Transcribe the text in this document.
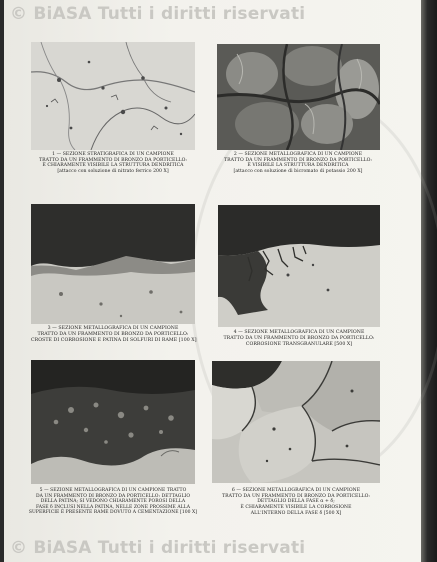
© BiASA Tutti i diritti riservati
1 — SEZIONE STRATIGRAFICA DI UN CAMPIONE
TRATTO DA UN FRAMMENTO DI BRONZO DA PORTICELLO:
È CHIARAMENTE VISIBILE LA STRUTTURA DENDRITICA
[attacco con soluzione di nitrato ferrico 200 X]
2 — SEZIONE METALLOGRAFICA DI UN CAMPIONE
TRATTO DA UN FRAMMENTO DI BRONZO DA PORTICELLO:
È VISIBILE LA STRUTTURA DENDRITICA
[attacco con soluzione di bicromato di potassio 200 X]
3 — SEZIONE METALLOGRAFICA DI UN CAMPIONE
TRATTO DA UN FRAMMENTO DI BRONZO DA PORTICELLO:
CROSTE DI CORROSIONE E PATINA DI SOLFURI DI RAME [100 X]
4 — SEZIONE METALLOGRAFICA DI UN CAMPIONE
TRATTO DA UN FRAMMENTO DI BRONZO DA PORTICELLO:
CORROSIONE TRANSGRANULARE [500 X]
5 — SEZIONE METALLOGRAFICA DI UN CAMPIONE TRATTO
DA UN FRAMMENTO DI BRONZO DA PORTICELLO: DETTAGLIO
DELLA PATINA; SI VEDONO CHIARAMENTE POROSI DELLA
FASE δ INCLUSI NELLA PATINA, NELLE ZONE PROSSIME ALLA
SUPERFICIE È PRESENTE RAME DOVUTO A CEMENTAZIONE [100 X]
6 — SEZIONE METALLOGRAFICA DI UN CAMPIONE
TRATTO DA UN FRAMMENTO DI BRONZO DA PORTICELLO:
DETTAGLIO DELLA FASE α + δ;
È CHIARAMENTE VISIBILE LA CORROSIONE
ALL'INTERNO DELLA FASE δ [500 X]
© BiASA Tutti i diritti riservati
